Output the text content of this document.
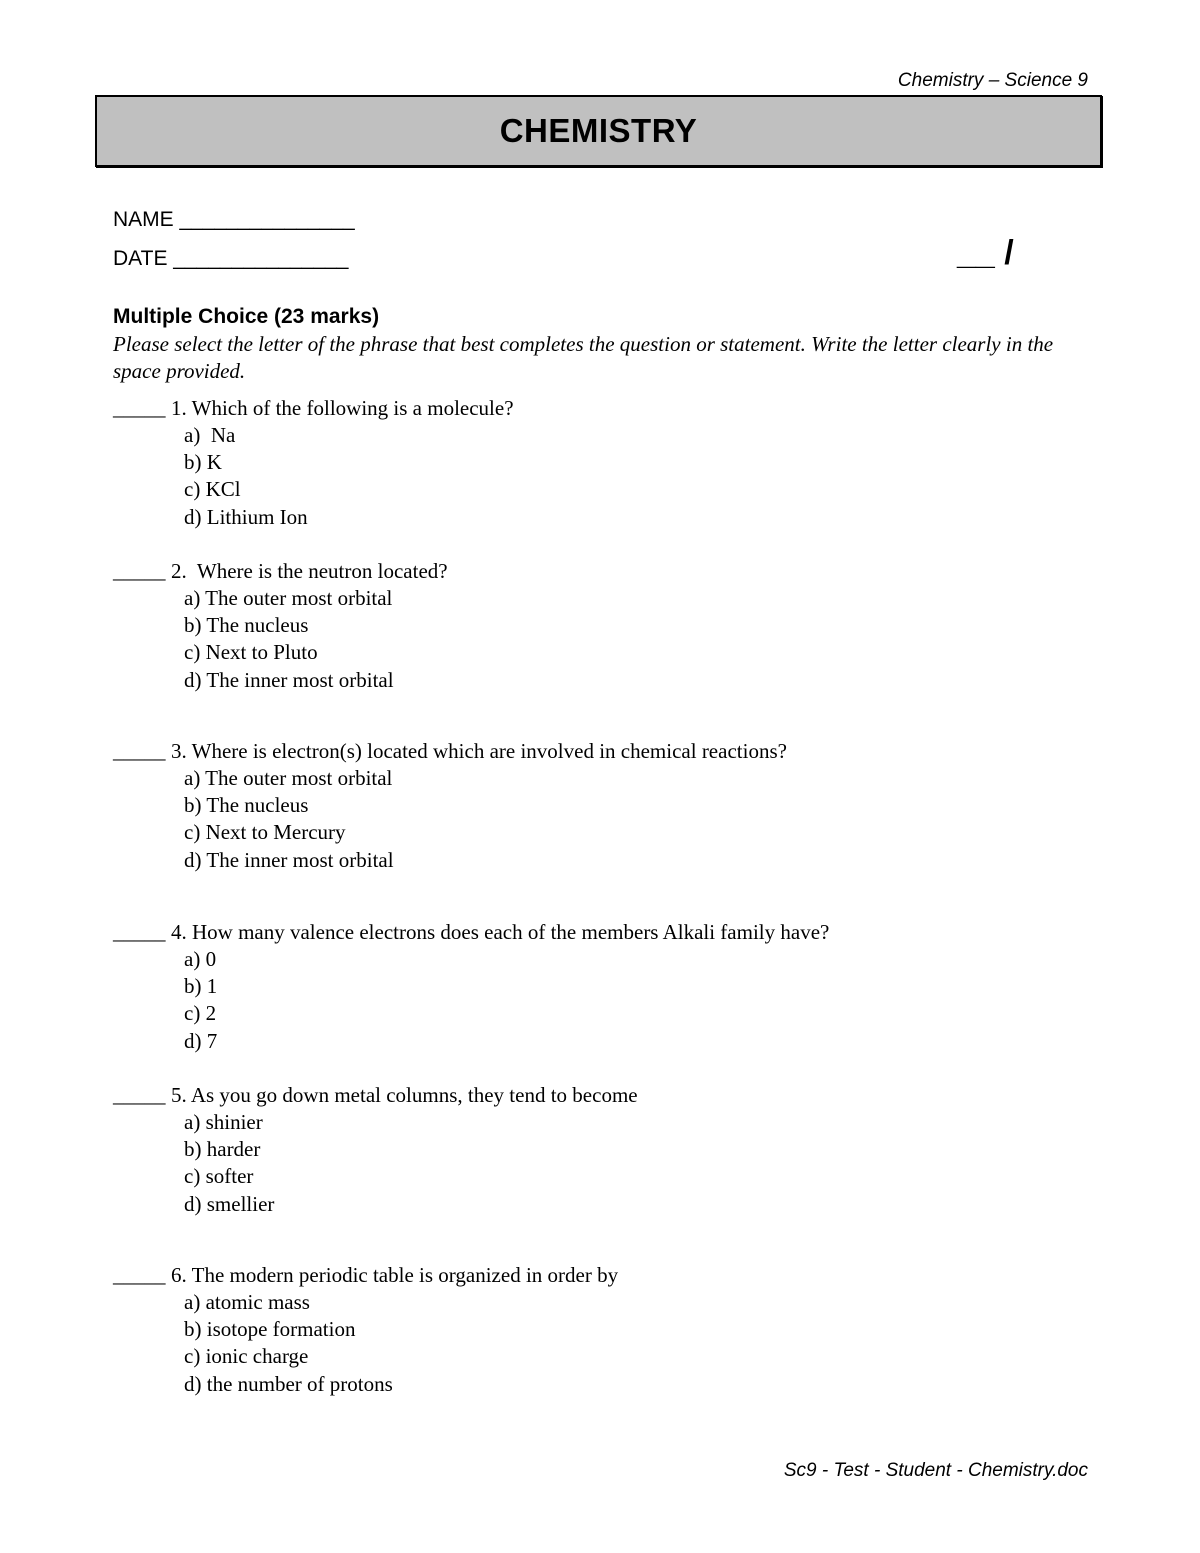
Chemistry – Science 9
CHEMISTRY
NAME _______________
DATE _______________	__ /

Multiple Choice (23 marks)

Please select the letter of the phrase that best completes the question or statement. Write the letter clearly in the space provided.

_____ 1. Which of the following is a molecule?
a)  Na
b) K
c) KCl
d) Lithium Ion
_____ 2.  Where is the neutron located?
a) The outer most orbital
b) The nucleus
c) Next to Pluto
d) The inner most orbital
_____ 3. Where is electron(s) located which are involved in chemical reactions?
a) The outer most orbital
b) The nucleus
c) Next to Mercury
d) The inner most orbital
_____ 4. How many valence electrons does each of the members Alkali family have?
a) 0
b) 1
c) 2
d) 7
_____ 5. As you go down metal columns, they tend to become
a) shinier
b) harder
c) softer
d) smellier
_____ 6. The modern periodic table is organized in order by
a) atomic mass
b) isotope formation
c) ionic charge
d) the number of protons
Sc9 - Test - Student - Chemistry.doc
